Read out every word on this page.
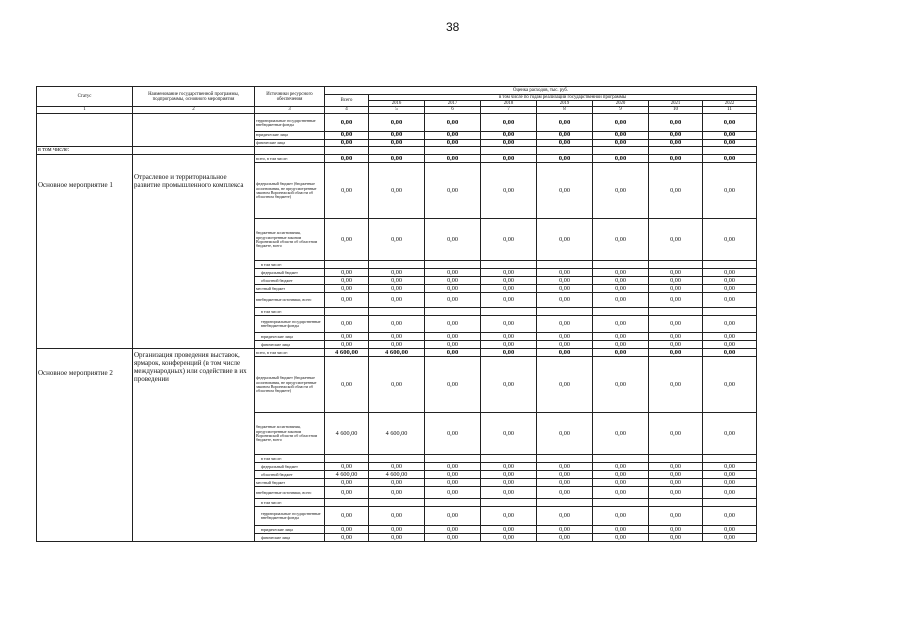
38
Статус	Наименование государственной программы, подпрограммы, основного мероприятия	Источники ресурсного обеспечения	Оценка расходов, тыс. руб.							
			Всего	в том числе по годам реализации государственной программы						
				2016	2017	2018	2019	2020	2021	2022
1	2	3	4	5	6	7	8	9	10	11
		территориальные государственные внебюджетные фонды	0,00	0,00	0,00	0,00	0,00	0,00	0,00	0,00
		юридические лица	0,00	0,00	0,00	0,00	0,00	0,00	0,00	0,00
		физические лица	0,00	0,00	0,00	0,00	0,00	0,00	0,00	0,00
в том числе:										
Основное мероприятие 1	Отраслевое и территориальное развитие промышленного комплекса	всего, в том числе:	0,00	0,00	0,00	0,00	0,00	0,00	0,00	0,00
		федеральный бюджет (бюджетные ассигнования, не предусмотренные законом Воронежской области об областном бюджете)	0,00	0,00	0,00	0,00	0,00	0,00	0,00	0,00
		бюджетные ассигнования, предусмотренные законом Воронежской области об областном бюджете, всего	0,00	0,00	0,00	0,00	0,00	0,00	0,00	0,00
		в том числе:								
		федеральный бюджет	0,00	0,00	0,00	0,00	0,00	0,00	0,00	0,00
		областной бюджет	0,00	0,00	0,00	0,00	0,00	0,00	0,00	0,00
		местный бюджет	0,00	0,00	0,00	0,00	0,00	0,00	0,00	0,00
		внебюджетные источники, всего	0,00	0,00	0,00	0,00	0,00	0,00	0,00	0,00
		в том числе:								
		территориальные государственные внебюджетные фонды	0,00	0,00	0,00	0,00	0,00	0,00	0,00	0,00
		юридические лица	0,00	0,00	0,00	0,00	0,00	0,00	0,00	0,00
		физические лица	0,00	0,00	0,00	0,00	0,00	0,00	0,00	0,00
Основное мероприятие 2	Организация проведения выставок, ярмарок, конференций (в том числе международных) или содействие в их проведении	всего, в том числе:	4 600,00	4 600,00	0,00	0,00	0,00	0,00	0,00	0,00
		федеральный бюджет (бюджетные ассигнования, не предусмотренные законом Воронежской области об областном бюджете)	0,00	0,00	0,00	0,00	0,00	0,00	0,00	0,00
		бюджетные ассигнования, предусмотренные законом Воронежской области об областном бюджете, всего	4 600,00	4 600,00	0,00	0,00	0,00	0,00	0,00	0,00
		в том числе:								
		федеральный бюджет	0,00	0,00	0,00	0,00	0,00	0,00	0,00	0,00
		областной бюджет	4 600,00	4 600,00	0,00	0,00	0,00	0,00	0,00	0,00
		местный бюджет	0,00	0,00	0,00	0,00	0,00	0,00	0,00	0,00
		внебюджетные источники, всего	0,00	0,00	0,00	0,00	0,00	0,00	0,00	0,00
		в том числе:								
		территориальные государственные внебюджетные фонды	0,00	0,00	0,00	0,00	0,00	0,00	0,00	0,00
		юридические лица	0,00	0,00	0,00	0,00	0,00	0,00	0,00	0,00
		физические лица	0,00	0,00	0,00	0,00	0,00	0,00	0,00	0,00
